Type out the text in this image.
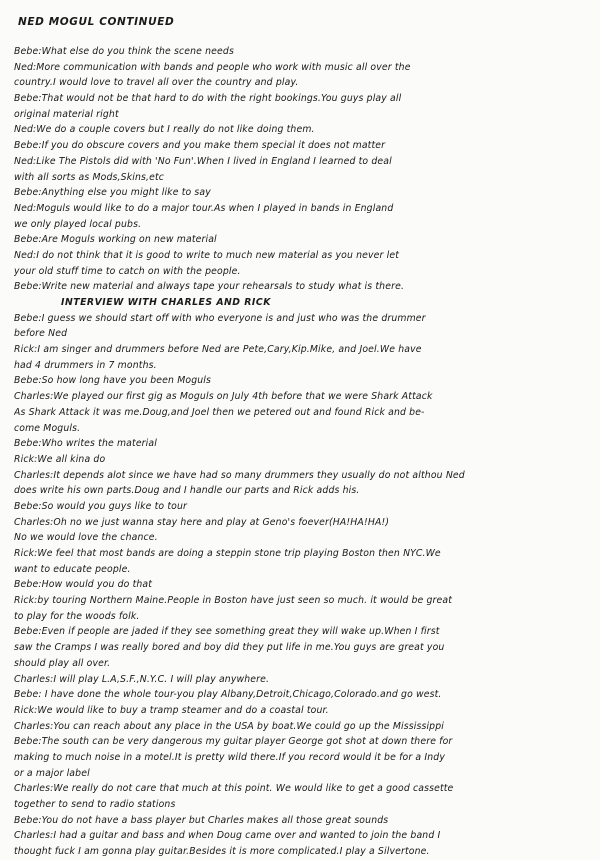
NED MOGUL CONTINUED
Bebe:What else do you think the scene needs
Ned:More communication with bands and people who work with music all over the
country.I would love to travel all over the country and play.
Bebe:That would not be that hard to do with the right bookings.You guys play all
original material right
Ned:We do a couple covers but I really do not like doing them.
Bebe:If you do obscure covers and you make them special it does not matter
Ned:Like The Pistols did with 'No Fun'.When I lived in England I learned to deal
with all sorts as Mods,Skins,etc
Bebe:Anything else you might like to say
Ned:Moguls would like to do a major tour.As when I played in bands in England
we only played local pubs.
Bebe:Are Moguls working on new material
Ned:I do not think that it is good to write to much new material as you never let
your old stuff time to catch on with the people.
Bebe:Write new material and always tape your rehearsals to study what is there.
INTERVIEW WITH CHARLES AND RICK
Bebe:I guess we should start off with who everyone is and just who was the drummer
before Ned
Rick:I am singer and drummers before Ned are Pete,Cary,Kip.Mike, and Joel.We have
had 4 drummers in 7 months.
Bebe:So how long have you been Moguls
Charles:We played our first gig as Moguls on July 4th before that we were Shark Attack
As Shark Attack it was me.Doug,and Joel then we petered out and found Rick and be-
come Moguls.
Bebe:Who writes the material
Rick:We all kina do
Charles:It depends alot since we have had so many drummers they usually do not althou Ned
does write his own parts.Doug and I handle our parts and Rick adds his.
Bebe:So would you guys like to tour
Charles:Oh no we just wanna stay here and play at Geno's foever(HA!HA!HA!)
No we would love the chance.
Rick:We feel that most bands are doing a steppin stone trip playing Boston then NYC.We
want to educate people.
Bebe:How would you do that
Rick:by touring Northern Maine.People in Boston have just seen so much. it would be great
to play for the woods folk.
Bebe:Even if people are jaded if they see something great they will wake up.When I first
saw the Cramps I was really bored and boy did they put life in me.You guys are great you
should play all over.
Charles:I will play L.A,S.F.,N.Y.C. I will play anywhere.
Bebe: I have done the whole tour-you play Albany,Detroit,Chicago,Colorado.and go west.
Rick:We would like to buy a tramp steamer and do a coastal tour.
Charles:You can reach about any place in the USA by boat.We could go up the Mississippi
Bebe:The south can be very dangerous my guitar player George got shot at down there for
making to much noise in a motel.It is pretty wild there.If you record would it be for a Indy
or a major label
Charles:We really do not care that much at this point. We would like to get a good cassette
together to send to radio stations
Bebe:You do not have a bass player but Charles makes all those great sounds
Charles:I had a guitar and bass and when Doug came over and wanted to join the band I
thought fuck I am gonna play guitar.Besides it is more complicated.I play a Silvertone.
